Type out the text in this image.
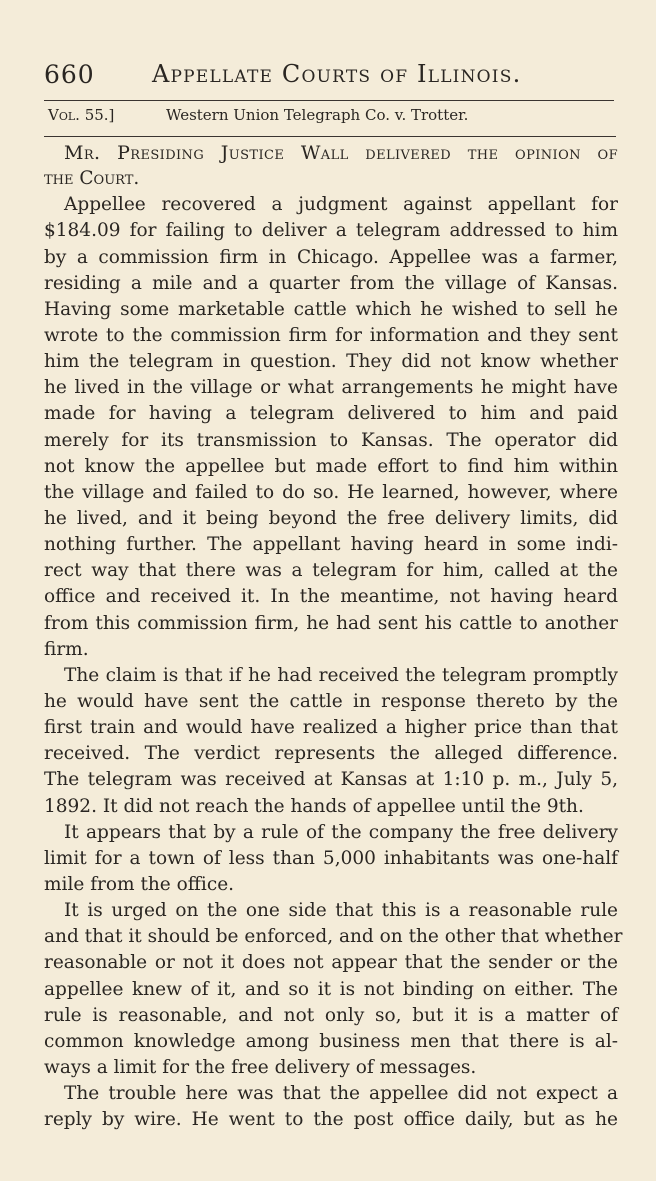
660 Appellate Courts of Illinois.
Vol. 55.]	Western Union Telegraph Co. v. Trotter.
Mr. Presiding Justice Wall delivered the opinion of
the Court.
Appellee recovered a judgment against appellant for
$184.09 for failing to deliver a telegram addressed to him
by a commission firm in Chicago. Appellee was a farmer,
residing a mile and a quarter from the village of Kansas.
Having some marketable cattle which he wished to sell he
wrote to the commission firm for information and they sent
him the telegram in question. They did not know whether
he lived in the village or what arrangements he might have
made for having a telegram delivered to him and paid
merely for its transmission to Kansas. The operator did
not know the appellee but made effort to find him within
the village and failed to do so. He learned, however, where
he lived, and it being beyond the free delivery limits, did
nothing further. The appellant having heard in some indi-
rect way that there was a telegram for him, called at the
office and received it. In the meantime, not having heard
from this commission firm, he had sent his cattle to another
firm.
The claim is that if he had received the telegram promptly
he would have sent the cattle in response thereto by the
first train and would have realized a higher price than that
received. The verdict represents the alleged difference.
The telegram was received at Kansas at 1:10 p. m., July 5,
1892. It did not reach the hands of appellee until the 9th.
It appears that by a rule of the company the free delivery
limit for a town of less than 5,000 inhabitants was one-half
mile from the office.
It is urged on the one side that this is a reasonable rule
and that it should be enforced, and on the other that whether
reasonable or not it does not appear that the sender or the
appellee knew of it, and so it is not binding on either. The
rule is reasonable, and not only so, but it is a matter of
common knowledge among business men that there is al-
ways a limit for the free delivery of messages.
The trouble here was that the appellee did not expect a
reply by wire. He went to the post office daily, but as he
